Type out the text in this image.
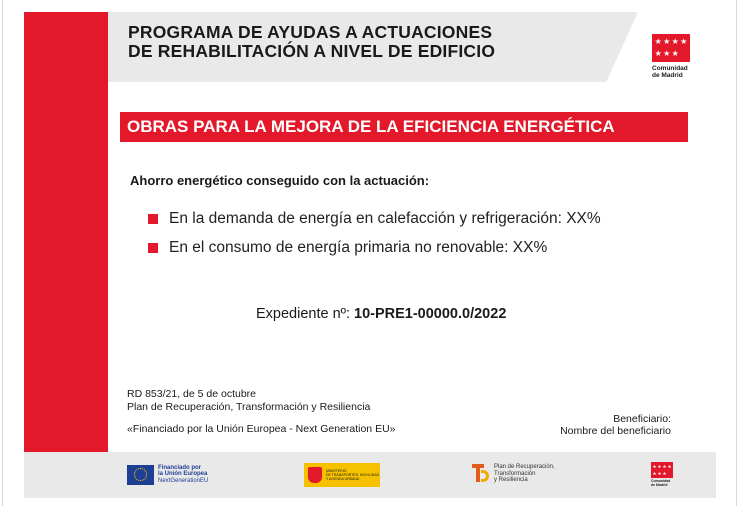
PROGRAMA DE AYUDAS A ACTUACIONES
DE REHABILITACIÓN A NIVEL DE EDIFICIO	★ ★ ★ ★
★ ★ ★
Comunidad
de Madrid
OBRAS PARA LA MEJORA DE LA EFICIENCIA ENERGÉTICA
Ahorro energético conseguido con la actuación:
En la demanda de energía en calefacción y refrigeración: XX%
En el consumo de energía primaria no renovable: XX%
Expediente nº: 10-PRE1-00000.0/2022
RD 853/21, de 5 de octubre
Plan de Recuperación, Transformación y Resiliencia
«Financiado por la Unión Europea - Next Generation EU»
Beneficiario:
Nombre del beneficiario
Financiado por
la Unión Europea
NextGenerationEU
MINISTERIO
DE TRANSPORTES, MOVILIDAD
Y AGENDA URBANA
Plan de Recuperación,
Transformación
y Resiliencia
★ ★ ★ ★
★ ★ ★
Comunidad
de Madrid
